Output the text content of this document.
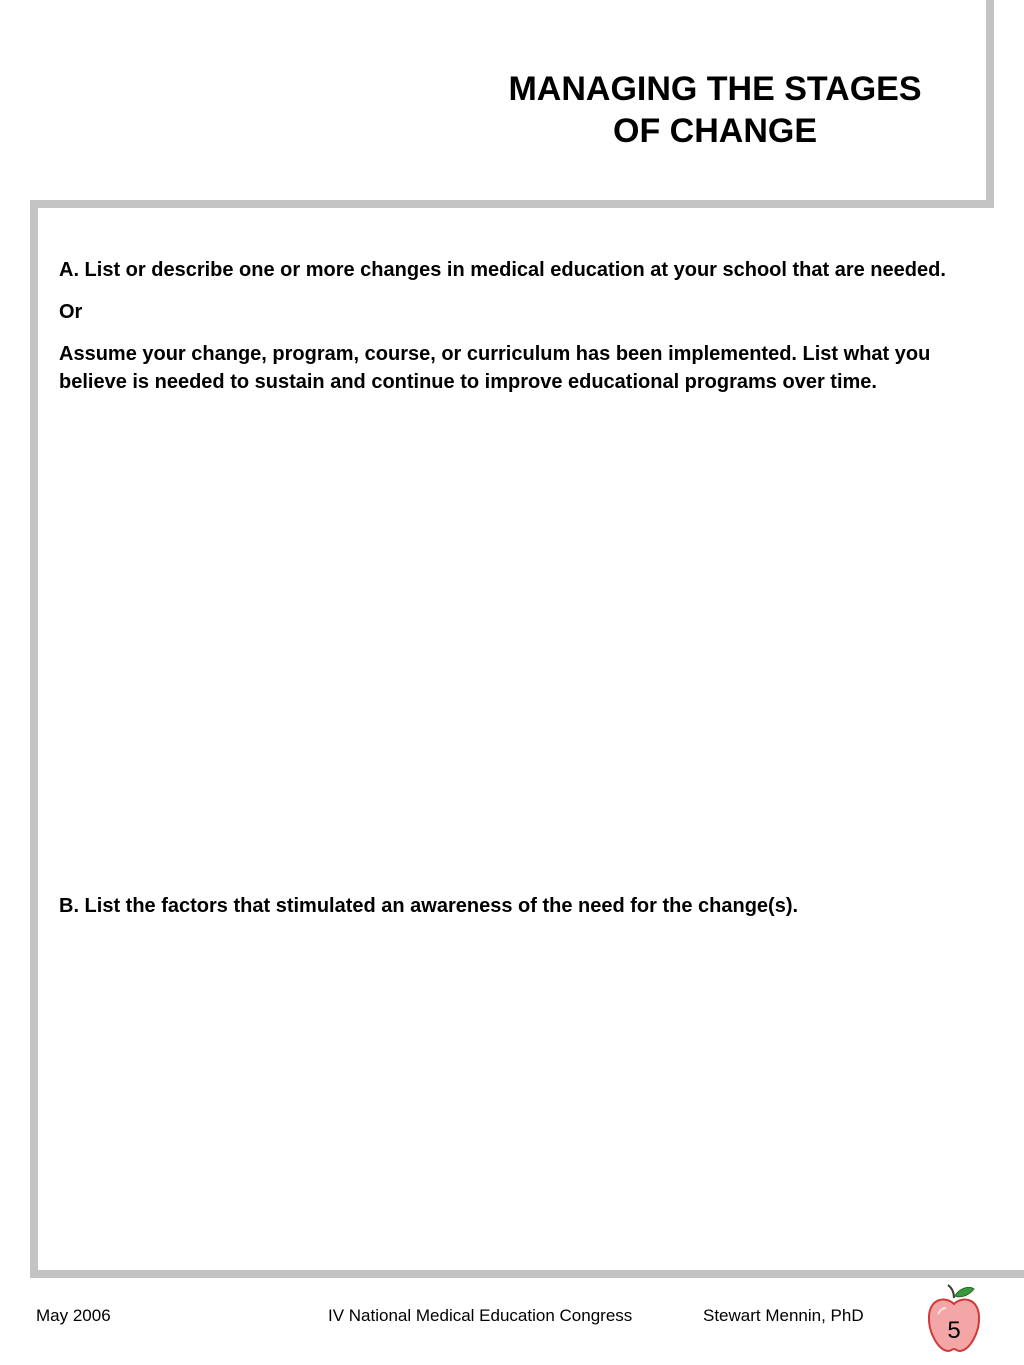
MANAGING THE STAGES
OF CHANGE

A. List or describe one or more changes in medical education at your school that are needed.

Or

Assume your change, program, course, or curriculum has been implemented. List what you believe is needed to sustain and continue to improve educational programs over time.

B. List the factors that stimulated an awareness of the need for the change(s).
May 2006	IV National Medical Education Congress	Stewart Mennin, PhD
5
